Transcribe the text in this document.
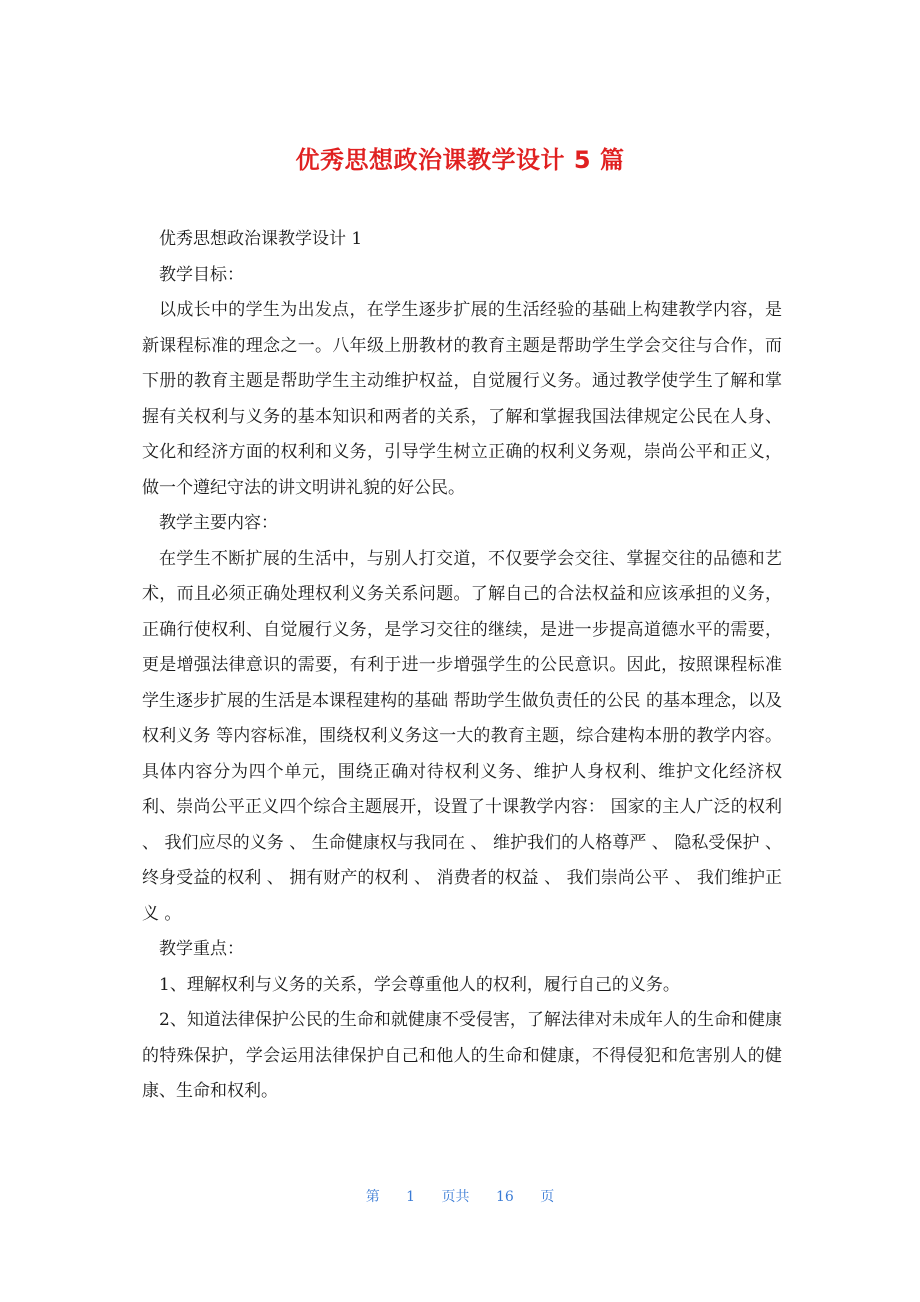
优秀思想政治课教学设计 5 篇

优秀思想政治课教学设计 1

教学目标：

以成长中的学生为出发点，在学生逐步扩展的生活经验的基础上构建教学内容，是新课程标准的理念之一。八年级上册教材的教育主题是帮助学生学会交往与合作，而下册的教育主题是帮助学生主动维护权益，自觉履行义务。通过教学使学生了解和掌握有关权利与义务的基本知识和两者的关系，了解和掌握我国法律规定公民在人身、文化和经济方面的权利和义务，引导学生树立正确的权利义务观，崇尚公平和正义，做一个遵纪守法的讲文明讲礼貌的好公民。

教学主要内容：

在学生不断扩展的生活中，与别人打交道，不仅要学会交往、掌握交往的品德和艺术，而且必须正确处理权利义务关系问题。了解自己的合法权益和应该承担的义务，正确行使权利、自觉履行义务，是学习交往的继续，是进一步提高道德水平的需要，更是增强法律意识的需要，有利于进一步增强学生的公民意识。因此，按照课程标准 学生逐步扩展的生活是本课程建构的基础 帮助学生做负责任的公民 的基本理念，以及 权利义务 等内容标准，围绕权利义务这一大的教育主题，综合建构本册的教学内容。具体内容分为四个单元，围绕正确对待权利义务、维护人身权利、维护文化经济权利、崇尚公平正义四个综合主题展开，设置了十课教学内容： 国家的主人广泛的权利 、 我们应尽的义务 、 生命健康权与我同在 、 维护我们的人格尊严 、 隐私受保护 、 终身受益的权利 、 拥有财产的权利 、 消费者的权益 、 我们崇尚公平 、 我们维护正义 。

教学重点：

1、理解权利与义务的关系，学会尊重他人的权利，履行自己的义务。

2、知道法律保护公民的生命和就健康不受侵害，了解法律对未成年人的生命和健康的特殊保护，学会运用法律保护自己和他人的生命和健康，不得侵犯和危害别人的健康、生命和权利。

第 1 页共 16 页
